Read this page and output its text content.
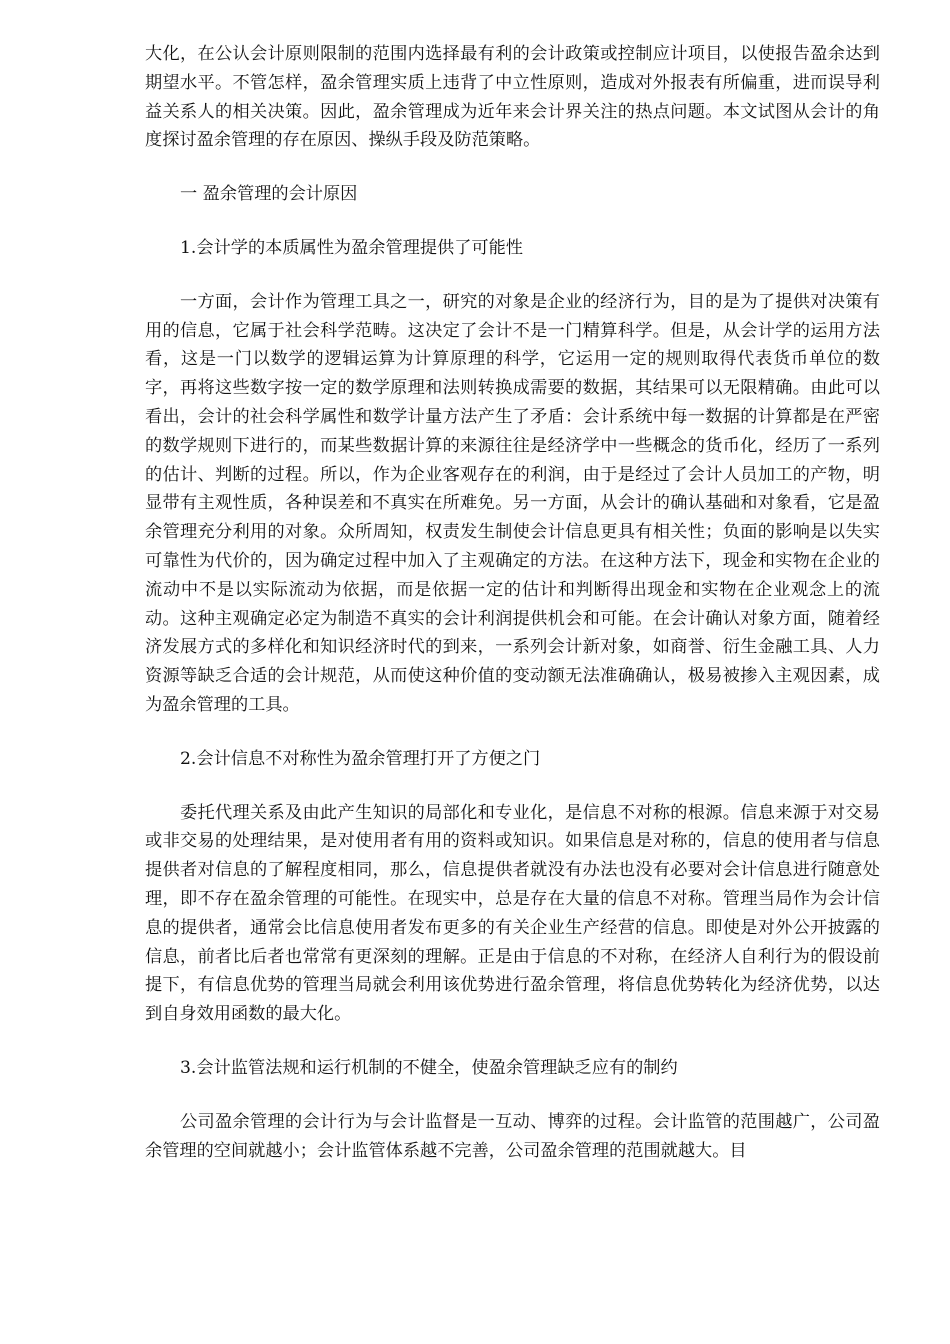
大化，在公认会计原则限制的范围内选择最有利的会计政策或控制应计项目，以使报告盈余达到期望水平。不管怎样，盈余管理实质上违背了中立性原则，造成对外报表有所偏重，进而误导利益关系人的相关决策。因此，盈余管理成为近年来会计界关注的热点问题。本文试图从会计的角度探讨盈余管理的存在原因、操纵手段及防范策略。

一 盈余管理的会计原因

1.会计学的本质属性为盈余管理提供了可能性

一方面，会计作为管理工具之一，研究的对象是企业的经济行为，目的是为了提供对决策有用的信息，它属于社会科学范畴。这决定了会计不是一门精算科学。但是，从会计学的运用方法看，这是一门以数学的逻辑运算为计算原理的科学，它运用一定的规则取得代表货币单位的数字，再将这些数字按一定的数学原理和法则转换成需要的数据，其结果可以无限精确。由此可以看出，会计的社会科学属性和数学计量方法产生了矛盾：会计系统中每一数据的计算都是在严密的数学规则下进行的，而某些数据计算的来源往往是经济学中一些概念的货币化，经历了一系列的估计、判断的过程。所以，作为企业客观存在的利润，由于是经过了会计人员加工的产物，明显带有主观性质，各种误差和不真实在所难免。另一方面，从会计的确认基础和对象看，它是盈余管理充分利用的对象。众所周知，权责发生制使会计信息更具有相关性；负面的影响是以失实可靠性为代价的，因为确定过程中加入了主观确定的方法。在这种方法下，现金和实物在企业的流动中不是以实际流动为依据，而是依据一定的估计和判断得出现金和实物在企业观念上的流动。这种主观确定必定为制造不真实的会计利润提供机会和可能。在会计确认对象方面，随着经济发展方式的多样化和知识经济时代的到来，一系列会计新对象，如商誉、衍生金融工具、人力资源等缺乏合适的会计规范，从而使这种价值的变动额无法准确确认，极易被掺入主观因素，成为盈余管理的工具。

2.会计信息不对称性为盈余管理打开了方便之门

委托代理关系及由此产生知识的局部化和专业化，是信息不对称的根源。信息来源于对交易或非交易的处理结果，是对使用者有用的资料或知识。如果信息是对称的，信息的使用者与信息提供者对信息的了解程度相同，那么，信息提供者就没有办法也没有必要对会计信息进行随意处理，即不存在盈余管理的可能性。在现实中，总是存在大量的信息不对称。管理当局作为会计信息的提供者，通常会比信息使用者发布更多的有关企业生产经营的信息。即使是对外公开披露的信息，前者比后者也常常有更深刻的理解。正是由于信息的不对称，在经济人自利行为的假设前提下，有信息优势的管理当局就会利用该优势进行盈余管理，将信息优势转化为经济优势，以达到自身效用函数的最大化。

3.会计监管法规和运行机制的不健全，使盈余管理缺乏应有的制约

公司盈余管理的会计行为与会计监督是一互动、博弈的过程。会计监管的范围越广，公司盈余管理的空间就越小；会计监管体系越不完善，公司盈余管理的范围就越大。目
